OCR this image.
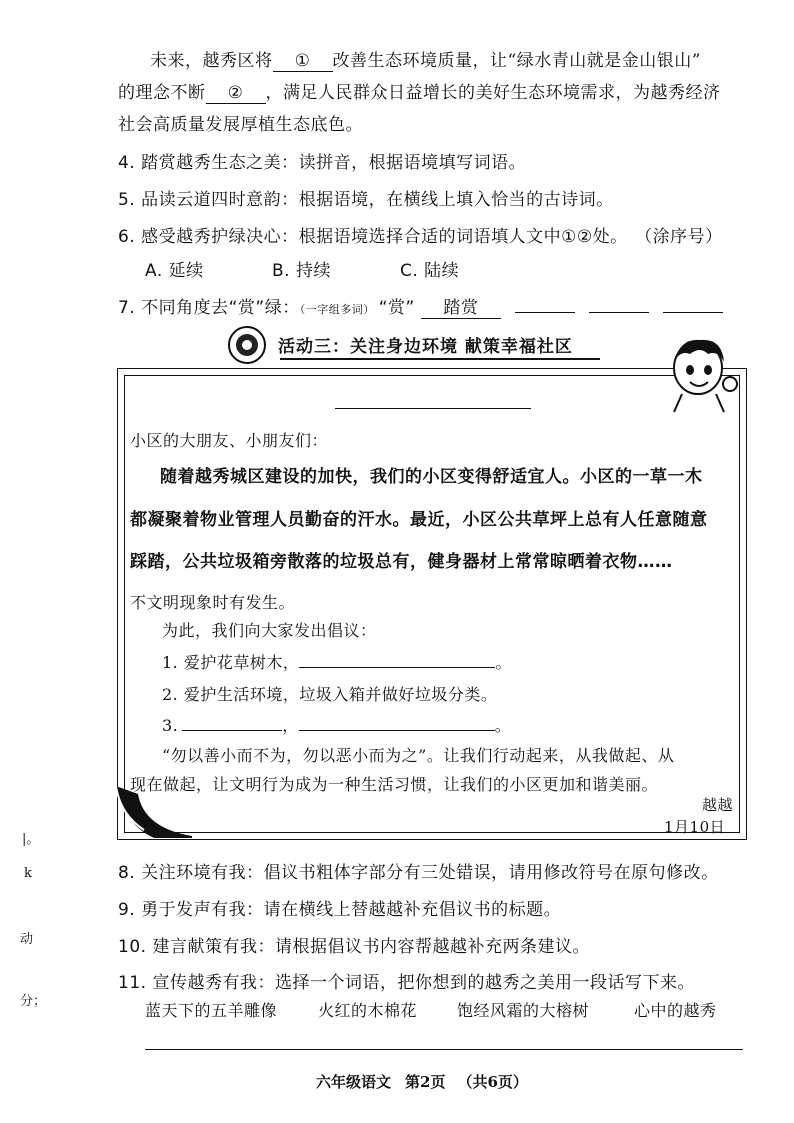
未来，越秀区将 ① 改善生态环境质量，让“绿水青山就是金山银山”
的理念不断 ② ，满足人民群众日益增长的美好生态环境需求，为越秀经济
社会高质量发展厚植生态底色。
4. 踏赏越秀生态之美：读拼音，根据语境填写词语。
5. 品读云道四时意韵：根据语境，在横线上填入恰当的古诗词。
6. 感受越秀护绿决心：根据语境选择合适的词语填人文中①②处。 （涂序号）
A. 延续	B. 持续	C. 陆续
7. 不同角度去“赏”绿：（一字组多词） “赏” 踏赏
活动三：关注身边环境 献策幸福社区
小区的大朋友、小朋友们：
随着越秀城区建设的加快，我们的小区变得舒适宜人。小区的一草一木
都凝聚着物业管理人员勤奋的汗水。最近，小区公共草坪上总有人任意随意
踩踏，公共垃圾箱旁散落的垃圾总有，健身器材上常常晾晒着衣物……
不文明现象时有发生。
为此，我们向大家发出倡议：
1. 爱护花草树木，	。
2. 爱护生活环境，垃圾入箱并做好垃圾分类。
3.	，	。
“勿以善小而不为，勿以恶小而为之”。让我们行动起来，从我做起、从
现在做起，让文明行为成为一种生活习惯，让我们的小区更加和谐美丽。
越越
1月10日
8. 关注环境有我：倡议书粗体字部分有三处错误，请用修改符号在原句修改。
9. 勇于发声有我：请在横线上替越越补充倡议书的标题。
10. 建言献策有我：请根据倡议书内容帮越越补充两条建议。
11. 宣传越秀有我：选择一个词语，把你想到的越秀之美用一段话写下来。
蓝天下的五羊雕像	火红的木棉花 饱经风霜的大榕树	心中的越秀
|。
k
动
分；
六年级语文 第2页 （共6页）
